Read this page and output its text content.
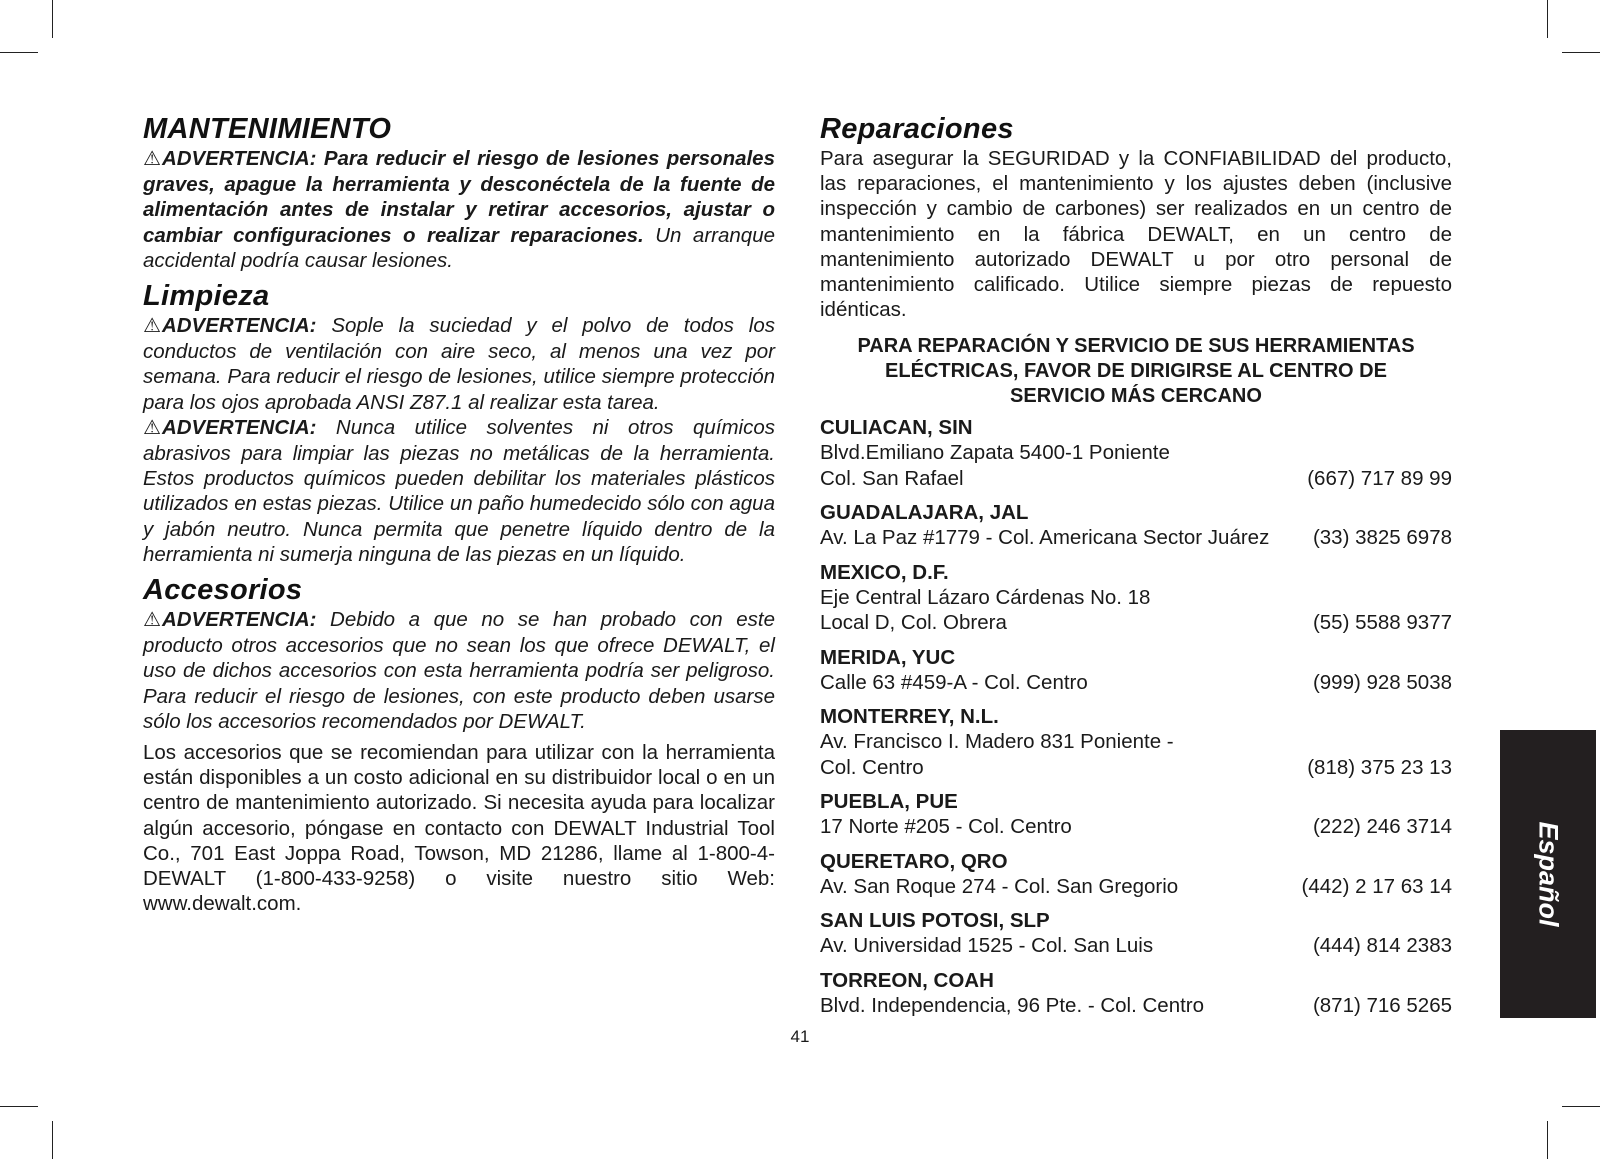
MANTENIMIENTO

⚠ADVERTENCIA: Para reducir el riesgo de lesiones personales graves, apague la herramienta y desconéctela de la fuente de alimentación antes de instalar y retirar accesorios, ajustar o cambiar configuraciones o realizar reparaciones. Un arranque accidental podría causar lesiones.

Limpieza

⚠ADVERTENCIA: Sople la suciedad y el polvo de todos los conductos de ventilación con aire seco, al menos una vez por semana. Para reducir el riesgo de lesiones, utilice siempre protección para los ojos aprobada ANSI Z87.1 al realizar esta tarea.

⚠ADVERTENCIA: Nunca utilice solventes ni otros químicos abrasivos para limpiar las piezas no metálicas de la herramienta. Estos productos químicos pueden debilitar los materiales plásticos utilizados en estas piezas. Utilice un paño humedecido sólo con agua y jabón neutro. Nunca permita que penetre líquido dentro de la herramienta ni sumerja ninguna de las piezas en un líquido.

Accesorios

⚠ADVERTENCIA: Debido a que no se han probado con este producto otros accesorios que no sean los que ofrece DEWALT, el uso de dichos accesorios con esta herramienta podría ser peligroso. Para reducir el riesgo de lesiones, con este producto deben usarse sólo los accesorios recomendados por DEWALT.

Los accesorios que se recomiendan para utilizar con la herramienta están disponibles a un costo adicional en su distribuidor local o en un centro de mantenimiento autorizado. Si necesita ayuda para localizar algún accesorio, póngase en contacto con DEWALT Industrial Tool Co., 701 East Joppa Road, Towson, MD 21286, llame al 1-800-4-DEWALT (1-800-433-9258) o visite nuestro sitio Web: www.dewalt.com.

Reparaciones

Para asegurar la SEGURIDAD y la CONFIABILIDAD del producto, las reparaciones, el mantenimiento y los ajustes deben (inclusive inspección y cambio de carbones) ser realizados en un centro de mantenimiento en la fábrica DEWALT, en un centro de mantenimiento autorizado DEWALT u por otro personal de mantenimiento calificado. Utilice siempre piezas de repuesto idénticas.

PARA REPARACIÓN Y SERVICIO DE SUS HERRAMIENTAS
ELÉCTRICAS, FAVOR DE DIRIGIRSE AL CENTRO DE
SERVICIO MÁS CERCANO
CULIACAN, SIN
Blvd.Emiliano Zapata 5400-1 Poniente
Col. San Rafael	(667) 717 89 99
GUADALAJARA, JAL
Av. La Paz #1779 - Col. Americana Sector Juárez (33) 3825 6978
MEXICO, D.F.
Eje Central Lázaro Cárdenas No. 18
Local D, Col. Obrera	(55) 5588 9377
MERIDA, YUC
Calle 63 #459-A - Col. Centro	(999) 928 5038
MONTERREY, N.L.
Av. Francisco I. Madero 831 Poniente -
Col. Centro	(818) 375 23 13
PUEBLA, PUE
17 Norte #205 - Col. Centro	(222) 246 3714
QUERETARO, QRO
Av. San Roque 274 - Col. San Gregorio	(442) 2 17 63 14
SAN LUIS POTOSI, SLP
Av. Universidad 1525 - Col. San Luis	(444) 814 2383
TORREON, COAH
Blvd. Independencia, 96 Pte. - Col. Centro	(871) 716 5265
41
Español
